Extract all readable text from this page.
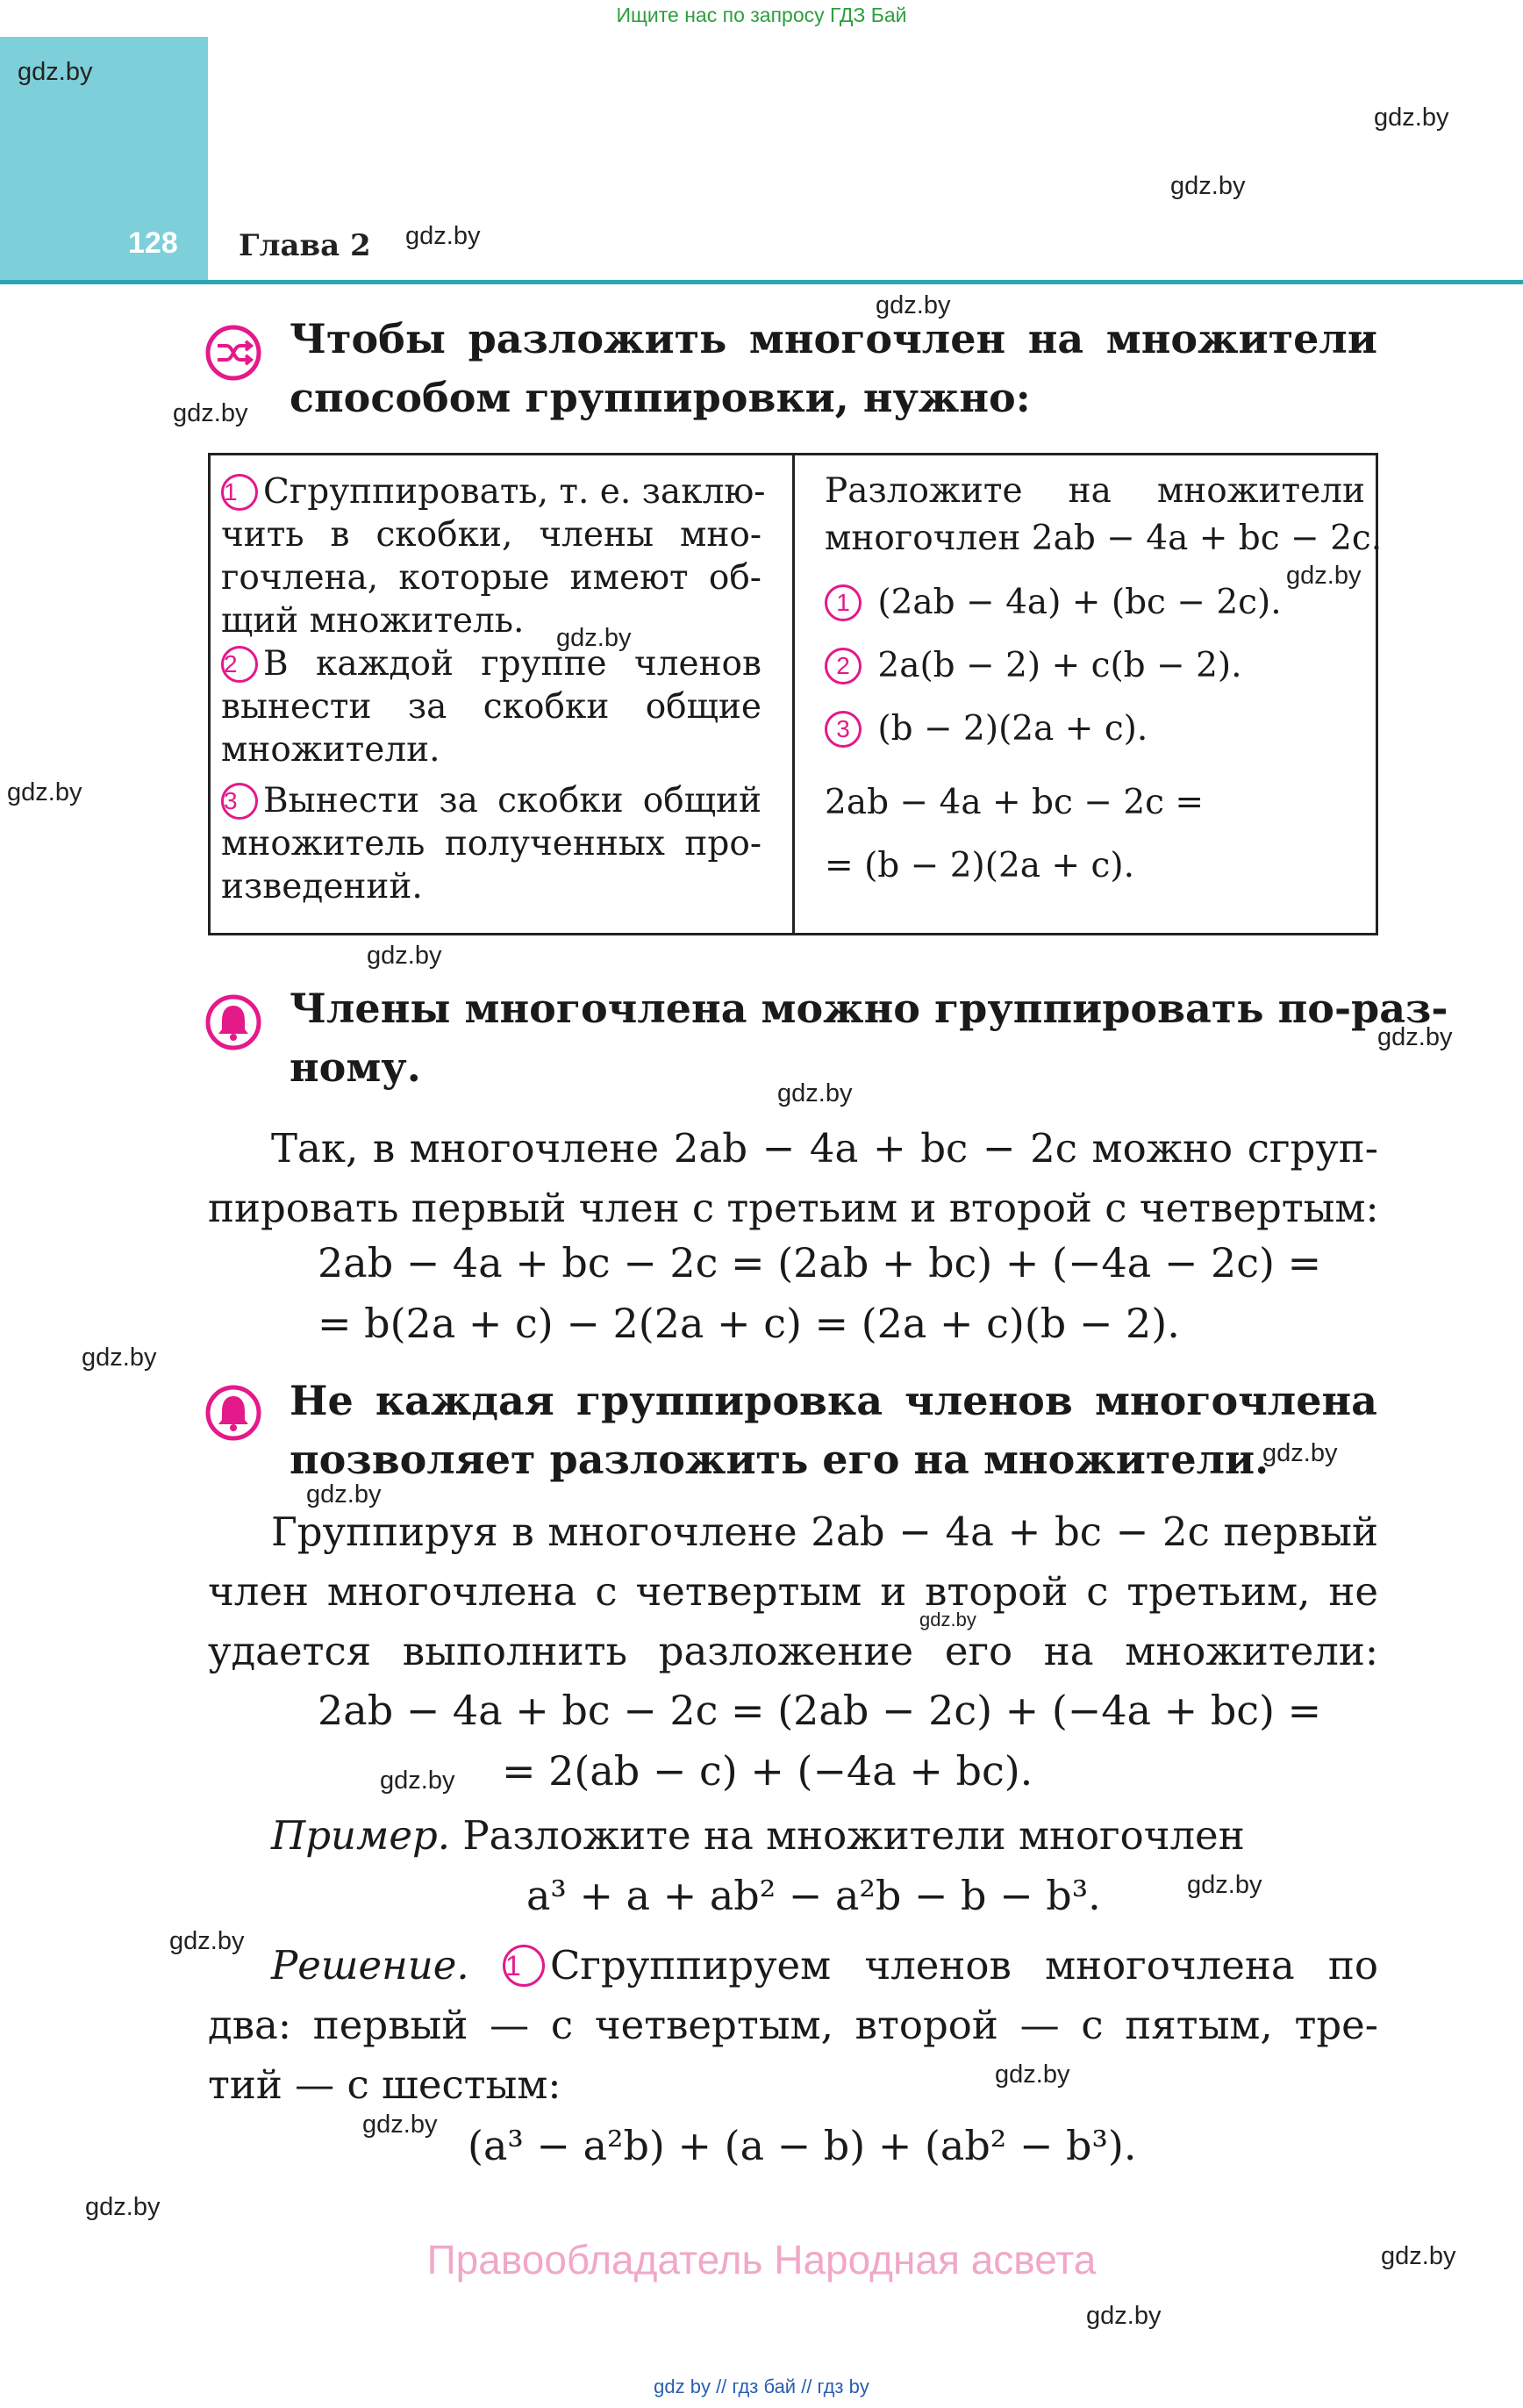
Ищите нас по запросу ГДЗ Бай
128 Глава 2
gdz.by
gdz.by
gdz.by
gdz.by
gdz.by
gdz.by
gdz.by
gdz.by
gdz.by
gdz.by
gdz.by
gdz.by
gdz.by
gdz.by
gdz.by
gdz.by
gdz.by
gdz.by
gdz.by
gdz.by
gdz.by
gdz.by
gdz.by
gdz.by
Чтобы разложить многочлен на множители
способом группировки, нужно:
1 Сгруппировать, т. е. заклю-
чить в скобки, члены мно-
гочлена, которые имеют об-
щий множитель.
2 В каждой группе членов
вынести за скобки общие
множители.
3 Вынести за скобки общий
множитель полученных про-
изведений.
Разложите на множители
многочлен 2ab − 4a + bc − 2c.
1 (2ab − 4a) + (bc − 2c).
2 2a(b − 2) + c(b − 2).
3 (b − 2)(2a + c).
2ab − 4a + bc − 2c =
= (b − 2)(2a + c).
Члены многочлена можно группировать по-раз-
ному.
Так, в многочлене 2ab − 4a + bc − 2c можно сгруп-
пировать первый член с третьим и второй с четвертым:
2ab − 4a + bc − 2c = (2ab + bc) + (−4a − 2c) =
= b(2a + c) − 2(2a + c) = (2a + c)(b − 2).
Не каждая группировка членов многочлена
позволяет разложить его на множители.
Группируя в многочлене 2ab − 4a + bc − 2c первый
член многочлена с четвертым и второй с третьим, не
удается выполнить разложение его на множители:
2ab − 4a + bc − 2c = (2ab − 2c) + (−4a + bc) =
= 2(ab − c) + (−4a + bc).
Пример. Разложите на множители многочлен
a³ + a + ab² − a²b − b − b³.
Решение. 1 Сгруппируем членов многочлена по
два: первый — с четвертым, второй — с пятым, тре-
тий — с шестым:
(a³ − a²b) + (a − b) + (ab² − b³).
Правообладатель Народная асвета
gdz by // гдз бай // гдз by
